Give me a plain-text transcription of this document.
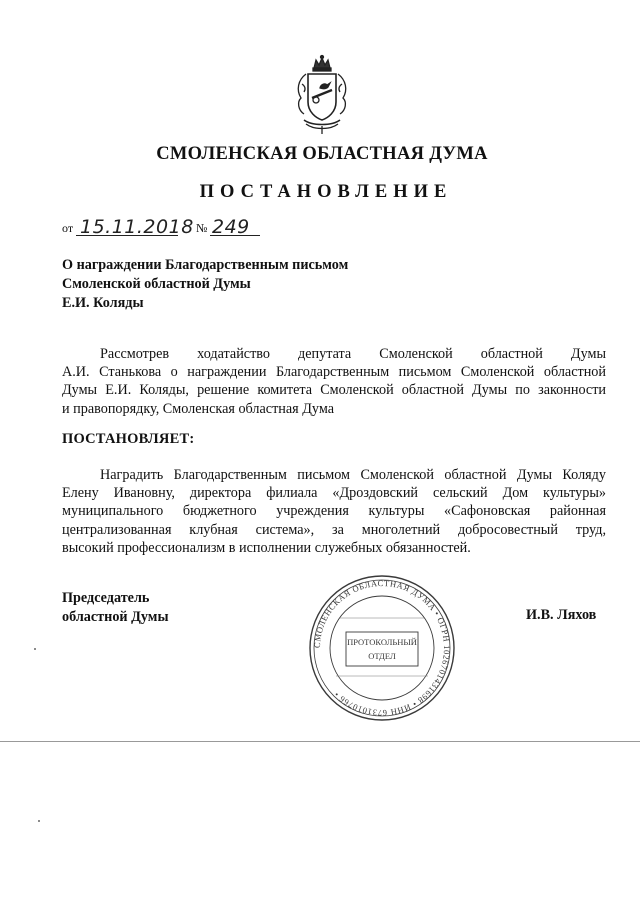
СМОЛЕНСКАЯ ОБЛАСТНАЯ ДУМА
ПОСТАНОВЛЕНИЕ
от 15.11.2018 № 249
О награждении Благодарственным письмом
Смоленской областной Думы
Е.И. Коляды
Рассмотрев ходатайство депутата Смоленской областной Думы
А.И. Станькова о награждении Благодарственным письмом Смоленской областной
Думы Е.И. Коляды, решение комитета Смоленской областной Думы по законности
и правопорядку, Смоленская областная Дума
ПОСТАНОВЛЯЕТ:
Наградить Благодарственным письмом Смоленской областной Думы Коляду
Елену Ивановну, директора филиала «Дроздовский сельский Дом культуры»
муниципального бюджетного учреждения культуры «Сафоновская районная
централизованная клубная система», за многолетний добросовестный труд,
высокий профессионализм в исполнении служебных обязанностей.
Председатель
областной Думы	И.В. Ляхов
СМОЛЕНСКАЯ ОБЛАСТНАЯ ДУМА • ОГРН 1026701431698 • ИНН 6731010766 •
ПРОТОКОЛЬНЫЙ
ОТДЕЛ
